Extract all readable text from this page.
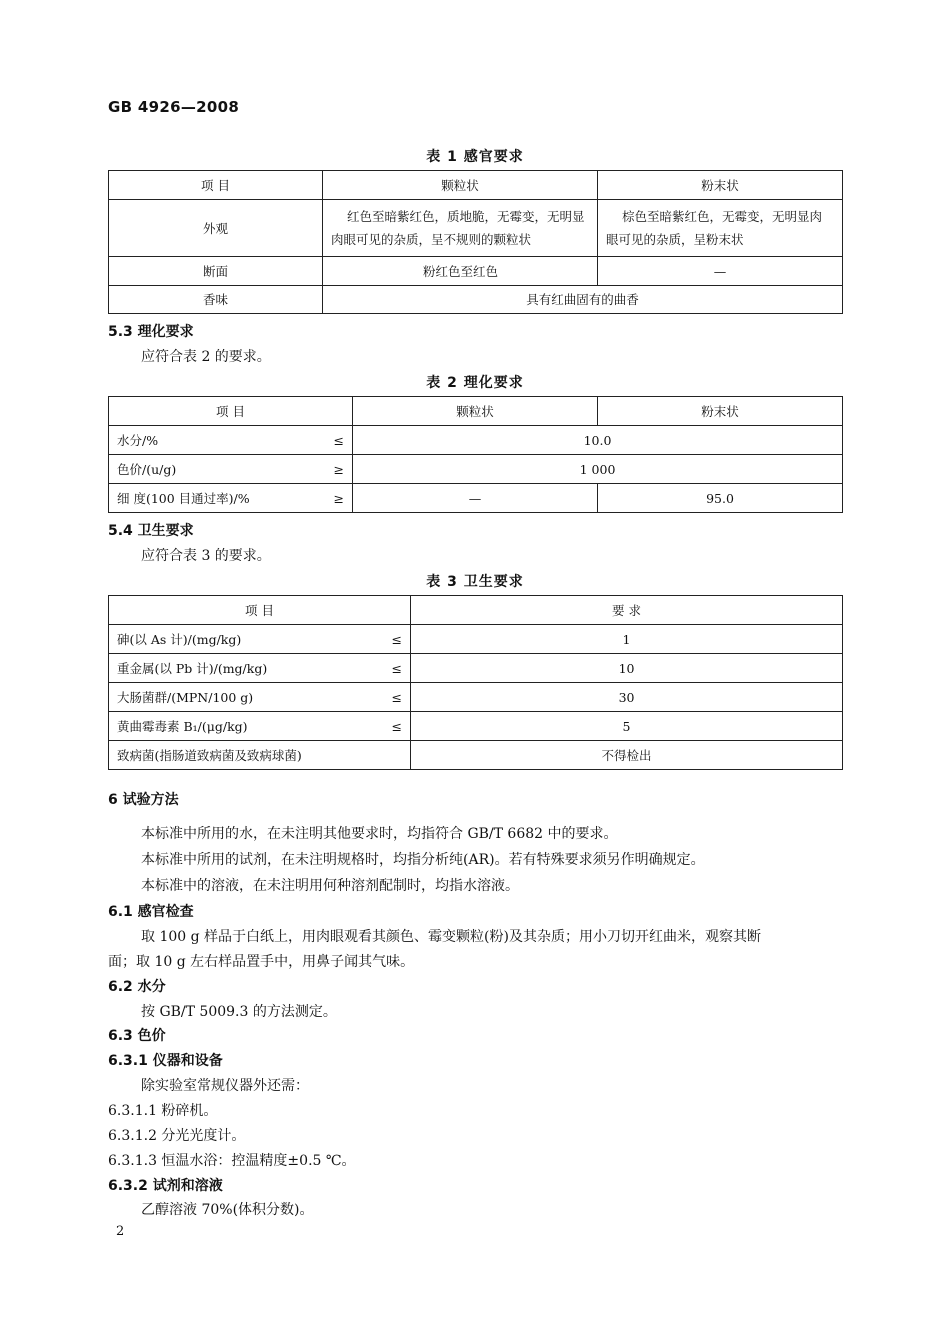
GB 4926—2008
表 1 感官要求
项 目	颗粒状	粉末状
外观	红色至暗紫红色，质地脆，无霉变，无明显肉眼可见的杂质，呈不规则的颗粒状	棕色至暗紫红色，无霉变，无明显肉眼可见的杂质，呈粉末状
断面	粉红色至红色	—
香味	具有红曲固有的曲香	
5.3 理化要求
应符合表 2 的要求。
表 2 理化要求
项 目		颗粒状	粉末状
水分/%	≤	10.0	
色价/(u/g)	≥	1 000	
细 度(100 目通过率)/%	≥	—	95.0
5.4 卫生要求
应符合表 3 的要求。
表 3 卫生要求
项 目		要 求
砷(以 As 计)/(mg/kg)	≤	1
重金属(以 Pb 计)/(mg/kg)	≤	10
大肠菌群/(MPN/100 g)	≤	30
黄曲霉毒素 B₁/(μg/kg)	≤	5
致病菌(指肠道致病菌及致病球菌)		不得检出
6 试验方法
本标准中所用的水，在未注明其他要求时，均指符合 GB/T 6682 中的要求。
本标准中所用的试剂，在未注明规格时，均指分析纯(AR)。若有特殊要求须另作明确规定。
本标准中的溶液，在未注明用何种溶剂配制时，均指水溶液。
6.1 感官检查
取 100 g 样品于白纸上，用肉眼观看其颜色、霉变颗粒(粉)及其杂质；用小刀切开红曲米，观察其断
面；取 10 g 左右样品置手中，用鼻子闻其气味。
6.2 水分
按 GB/T 5009.3 的方法测定。
6.3 色价
6.3.1 仪器和设备
除实验室常规仪器外还需：
6.3.1.1 粉碎机。
6.3.1.2 分光光度计。
6.3.1.3 恒温水浴：控温精度±0.5 ℃。
6.3.2 试剂和溶液
乙醇溶液 70%(体积分数)。
2
